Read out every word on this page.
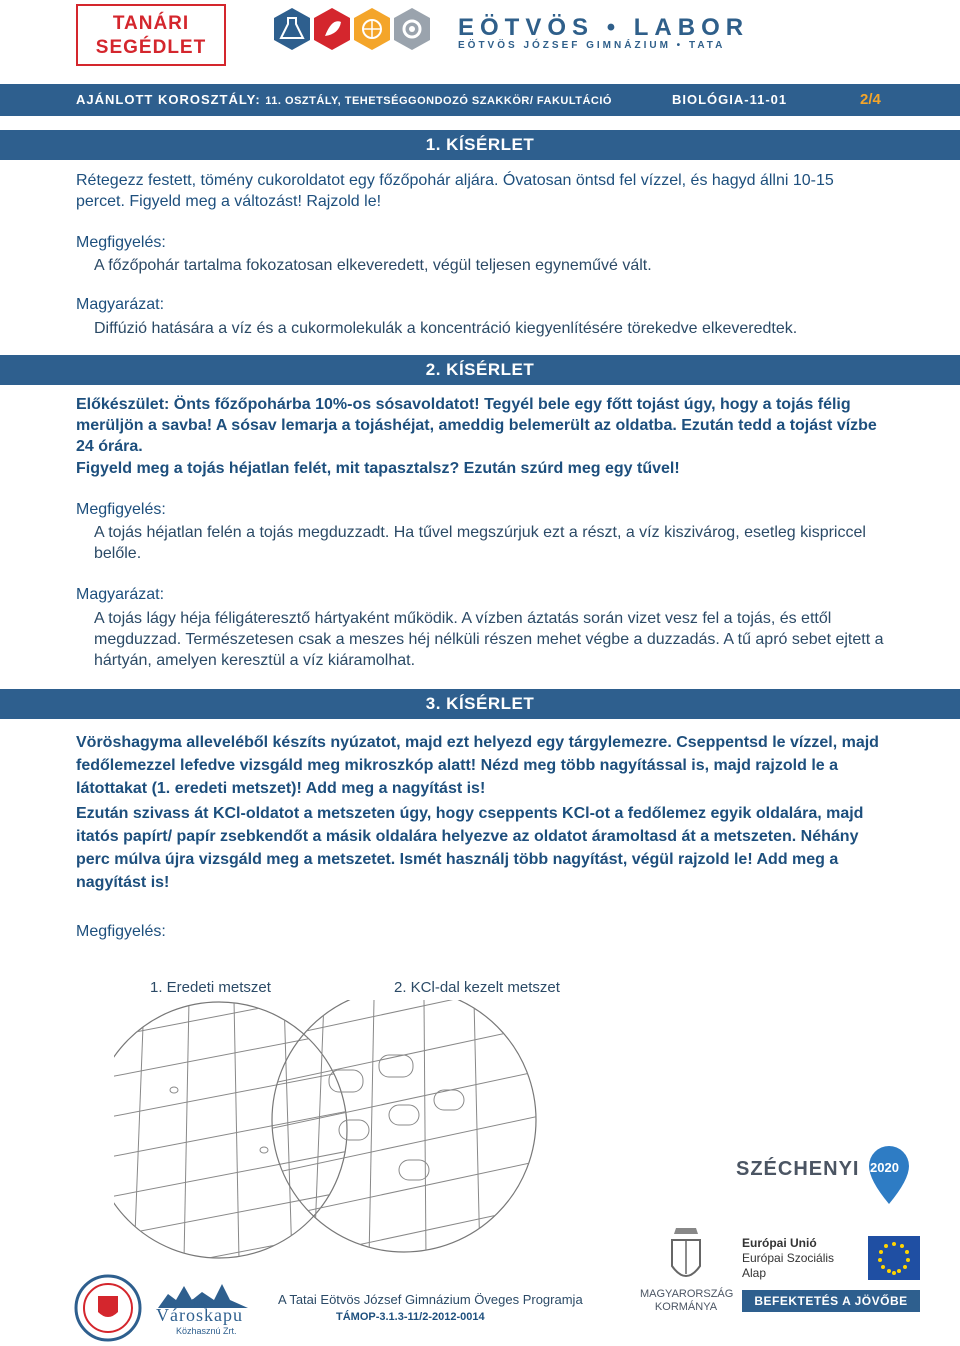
TANÁRI
SEGÉDLET
EÖTVÖS • LABOR
EÖTVÖS JÓZSEF GIMNÁZIUM • TATA
AJÁNLOTT KOROSZTÁLY: 11. OSZTÁLY, TEHETSÉGGONDOZÓ SZAKKÖR/ FAKULTÁCIÓ	BIOLÓGIA-11-01	2/4
1. KÍSÉRLET
Rétegezz festett, tömény cukoroldatot egy főzőpohár aljára. Óvatosan öntsd fel vízzel, és hagyd állni 10-15 percet. Figyeld meg a változást! Rajzold le!
Megfigyelés:
A főzőpohár tartalma fokozatosan elkeveredett, végül teljesen egyneművé vált.
Magyarázat:
Diffúzió hatására a víz és a cukormolekulák a koncentráció kiegyenlítésére törekedve elkeveredtek.
2. KÍSÉRLET
Előkészület: Önts főzőpohárba 10%-os sósavoldatot! Tegyél bele egy főtt tojást úgy, hogy a tojás félig merüljön a savba! A sósav lemarja a tojáshéjat, ameddig belemerült az oldatba. Ezután tedd a tojást vízbe 24 órára.
Figyeld meg a tojás héjatlan felét, mit tapasztalsz? Ezután szúrd meg egy tűvel!
Megfigyelés:
A tojás héjatlan felén a tojás megduzzadt. Ha tűvel megszúrjuk ezt a részt, a víz kiszivárog, esetleg kispriccel belőle.
Magyarázat:
A tojás lágy héja féligáteresztő hártyaként működik. A vízben áztatás során vizet vesz fel a tojás, és ettől megduzzad. Természetesen csak a meszes héj nélküli részen mehet végbe a duzzadás. A tű apró sebet ejtett a hártyán, amelyen keresztül a víz kiáramolhat.
3. KÍSÉRLET
Vöröshagyma alleveléből készíts nyúzatot, majd ezt helyezd egy tárgylemezre. Cseppentsd le vízzel, majd fedőlemezzel lefedve vizsgáld meg mikroszkóp alatt! Nézd meg több nagyítással is, majd rajzold le a látottakat (1. eredeti metszet)! Add meg a nagyítást is!
Ezután szivass át KCl-oldatot a metszeten úgy, hogy cseppents KCl-ot a fedőlemez egyik oldalára, majd itatós papírt/ papír zsebkendőt a másik oldalára helyezve az oldatot áramoltasd át a metszeten. Néhány perc múlva újra vizsgáld meg a metszetet. Ismét használj több nagyítást, végül rajzold le! Add meg a nagyítást is!
Megfigyelés:
1. Eredeti metszet	2. KCl-dal kezelt metszet
Tatai
Városkapu
Közhasznú Zrt.
A Tatai Eötvös József Gimnázium Öveges Programja
TÁMOP-3.1.3-11/2-2012-0014
MAGYARORSZÁG
KORMÁNYA
SZÉCHENYI 2020
Európai Unió
Európai Szociális
Alap
BEFEKTETÉS A JÖVŐBE
